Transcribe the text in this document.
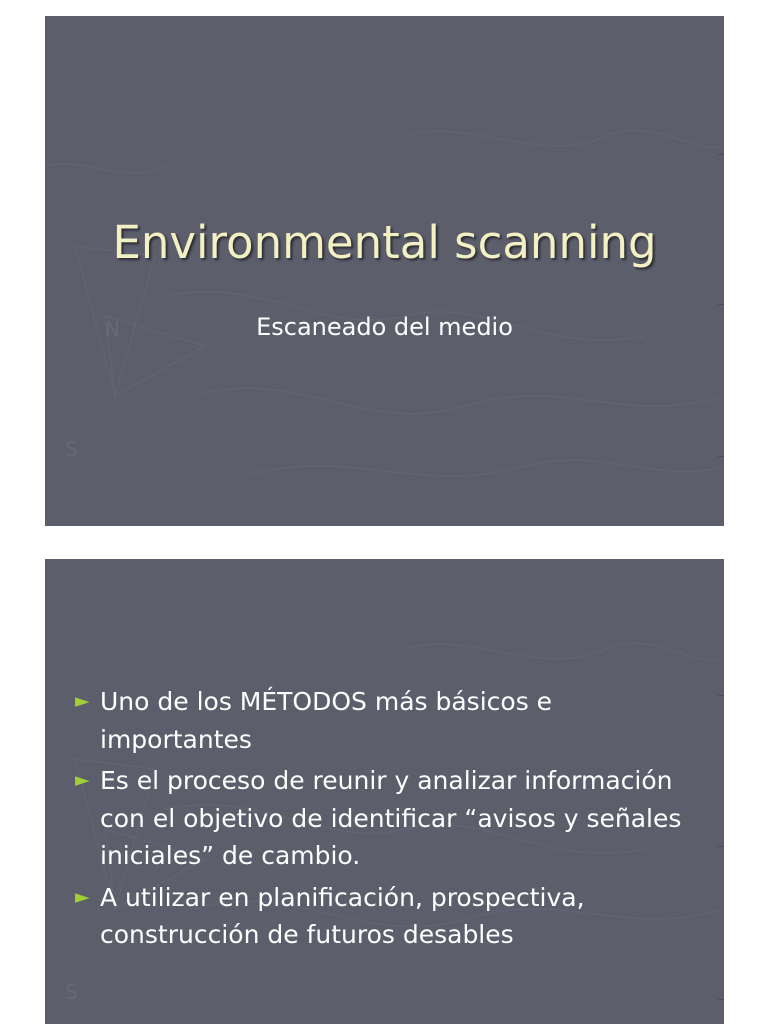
N
S
Environmental scanning

Escaneado del medio

S
► Uno de los MÉTODOS más básicos e importantes
► Es el proceso de reunir y analizar información con el objetivo de identificar “avisos y señales iniciales” de cambio.
► A utilizar en planificación, prospectiva, construcción de futuros desables
